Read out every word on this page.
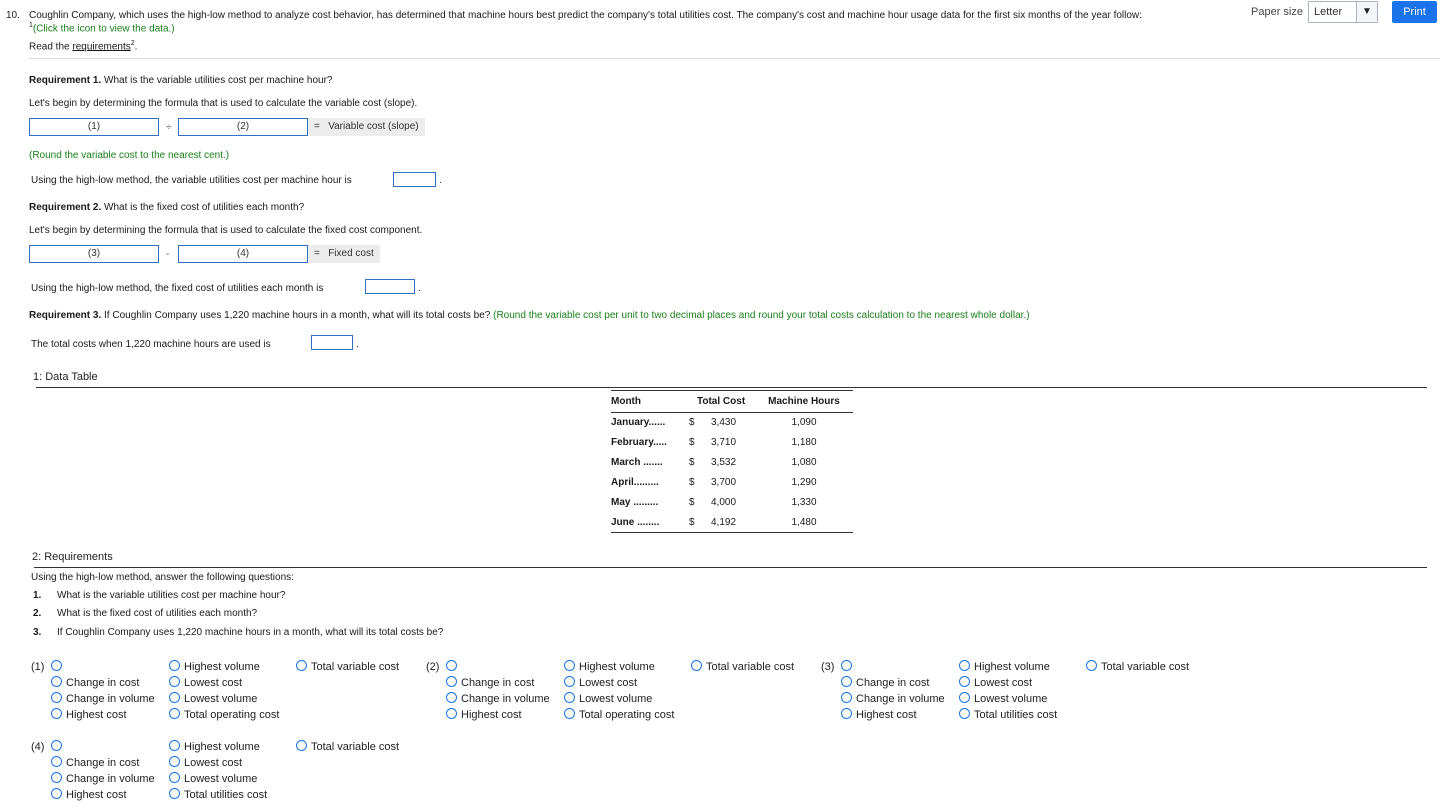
10. Coughlin Company, which uses the high-low method to analyze cost behavior, has determined that machine hours best predict the company's total utilities cost. The company's cost and machine hour usage data for the first six months of the year follow:
$^1$(Click the icon to view the data.)
Read the requirements$^2$.
Paper size Letter	▼	Print
Requirement 1. What is the variable utilities cost per machine hour?
Let's begin by determining the formula that is used to calculate the variable cost (slope).
(1)	÷	(2)	= Variable cost (slope)
(Round the variable cost to the nearest cent.)
Using the high-low method, the variable utilities cost per machine hour is	.
Requirement 2. What is the fixed cost of utilities each month?
Let's begin by determining the formula that is used to calculate the fixed cost component.
(3)	-	(4)	= Fixed cost
Using the high-low method, the fixed cost of utilities each month is	.
Requirement 3. If Coughlin Company uses 1,220 machine hours in a month, what will its total costs be? (Round the variable cost per unit to two decimal places and round your total costs calculation to the nearest whole dollar.)
The total costs when 1,220 machine hours are used is	.
1: Data Table
Month		Total Cost	Machine Hours
January......	$	3,430	1,090
February.....	$	3,710	1,180
March .......	$	3,532	1,080
April.........	$	3,700	1,290
May .........	$	4,000	1,330
June ........	$	4,192	1,480
2: Requirements
Using the high-low method, answer the following questions:
1. What is the variable utilities cost per machine hour?
2. What is the fixed cost of utilities each month?
3. If Coughlin Company uses 1,220 machine hours in a month, what will its total costs be?
(1)
Change in cost
Change in volume
Highest cost
Highest volume
Lowest cost
Lowest volume
Total operating cost
Total variable cost (2)
Change in cost
Change in volume
Highest cost
Highest volume
Lowest cost
Lowest volume
Total operating cost
Total variable cost (3)
Change in cost
Change in volume
Highest cost
Highest volume
Lowest cost
Lowest volume
Total utilities cost
Total variable cost
(4)
Change in cost
Change in volume
Highest cost
Highest volume
Lowest cost
Lowest volume
Total utilities cost
Total variable cost
